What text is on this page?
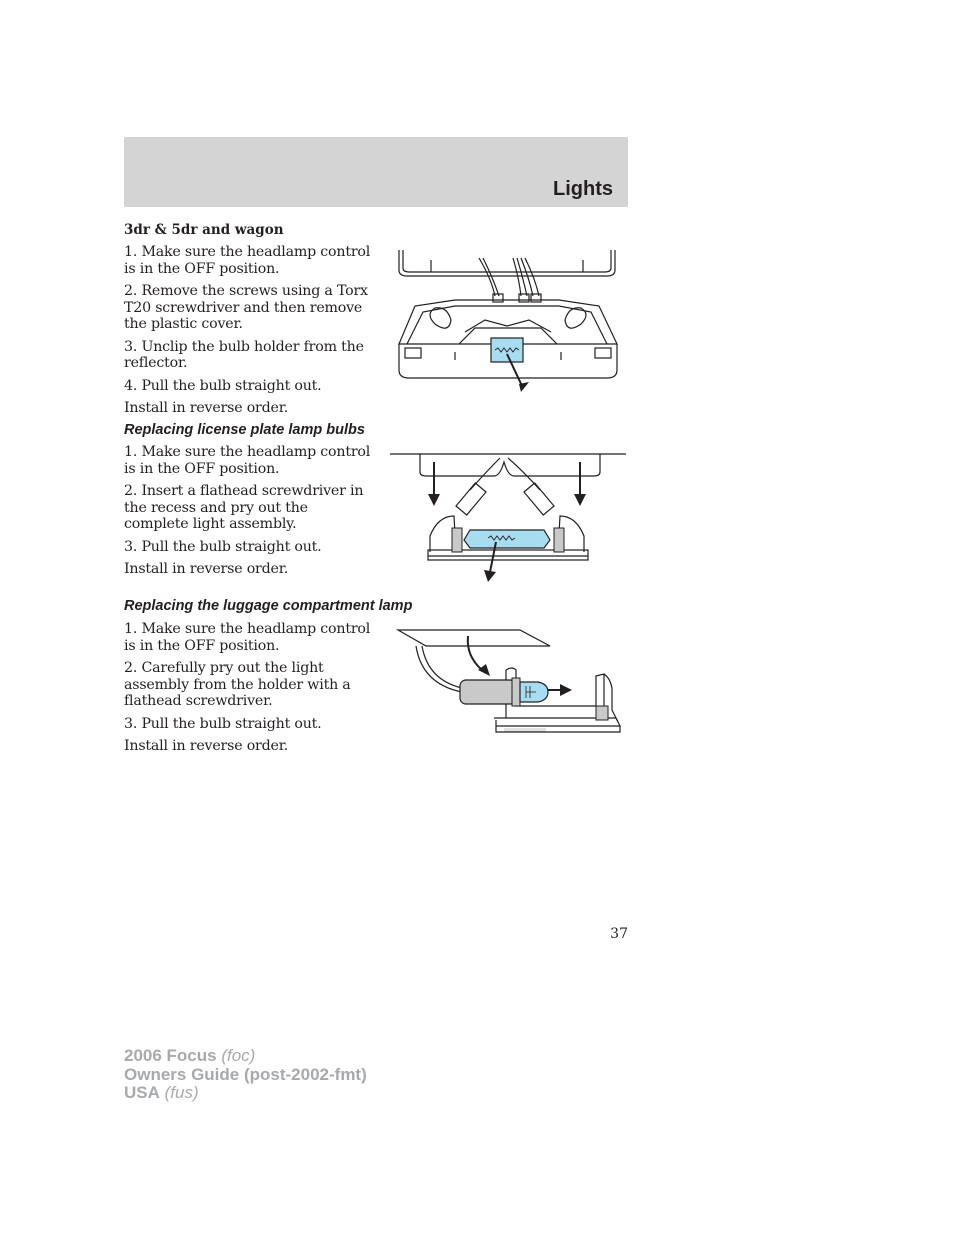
Lights
3dr & 5dr and wagon

1. Make sure the headlamp control is in the OFF position.

2. Remove the screws using a Torx T20 screwdriver and then remove the plastic cover.

3. Unclip the bulb holder from the reflector.

4. Pull the bulb straight out.

Install in reverse order.

Replacing license plate lamp bulbs

1. Make sure the headlamp control is in the OFF position.

2. Insert a flathead screwdriver in the recess and pry out the complete light assembly.

3. Pull the bulb straight out.

Install in reverse order.

Replacing the luggage compartment lamp

1. Make sure the headlamp control is in the OFF position.

2. Carefully pry out the light assembly from the holder with a flathead screwdriver.

3. Pull the bulb straight out.

Install in reverse order.

37
2006 Focus (foc)
Owners Guide (post-2002-fmt)
USA (fus)
